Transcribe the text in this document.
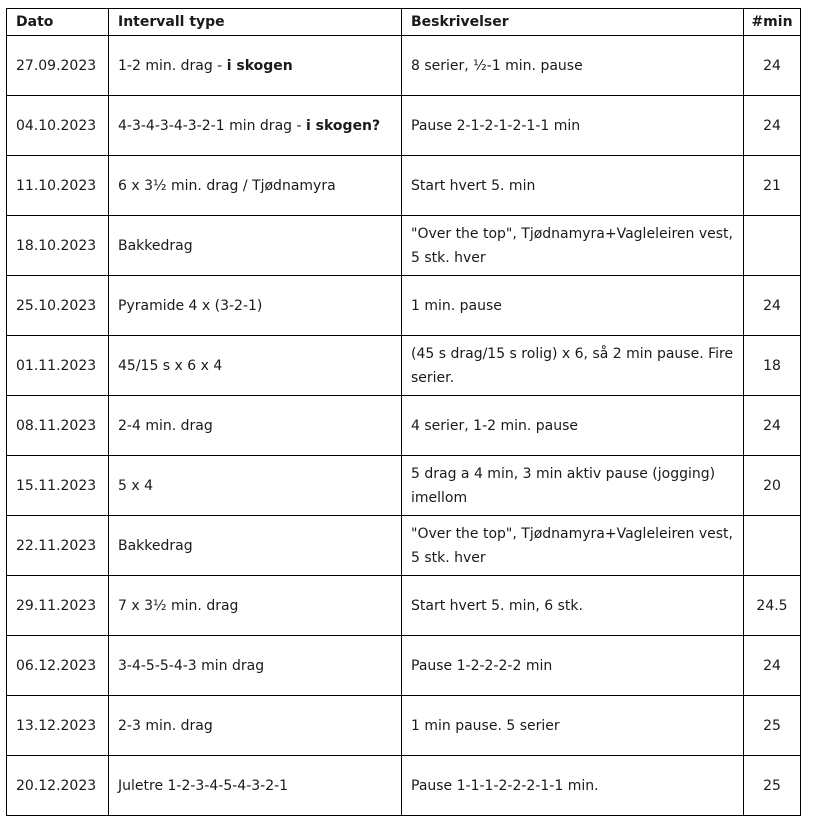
Dato	Intervall type	Beskrivelser	#min
27.09.2023	1-2 min. drag - i skogen	8 serier, ½-1 min. pause	24
04.10.2023	4-3-4-3-4-3-2-1 min drag - i skogen?	Pause 2-1-2-1-2-1-1 min	24
11.10.2023	6 x 3½ min. drag / Tjødnamyra	Start hvert 5. min	21
18.10.2023	Bakkedrag	"Over the top", Tjødnamyra+Vagleleiren vest, 5 stk. hver	
25.10.2023	Pyramide 4 x (3-2-1)	1 min. pause	24
01.11.2023	45/15 s x 6 x 4	(45 s drag/15 s rolig) x 6, så 2 min pause. Fire serier.	18
08.11.2023	2-4 min. drag	4 serier, 1-2 min. pause	24
15.11.2023	5 x 4	5 drag a 4 min, 3 min aktiv pause (jogging) imellom	20
22.11.2023	Bakkedrag	"Over the top", Tjødnamyra+Vagleleiren vest, 5 stk. hver	
29.11.2023	7 x 3½ min. drag	Start hvert 5. min, 6 stk.	24.5
06.12.2023	3-4-5-5-4-3 min drag	Pause 1-2-2-2-2 min	24
13.12.2023	2-3 min. drag	1 min pause. 5 serier	25
20.12.2023	Juletre 1-2-3-4-5-4-3-2-1	Pause 1-1-1-2-2-2-1-1 min.	25
